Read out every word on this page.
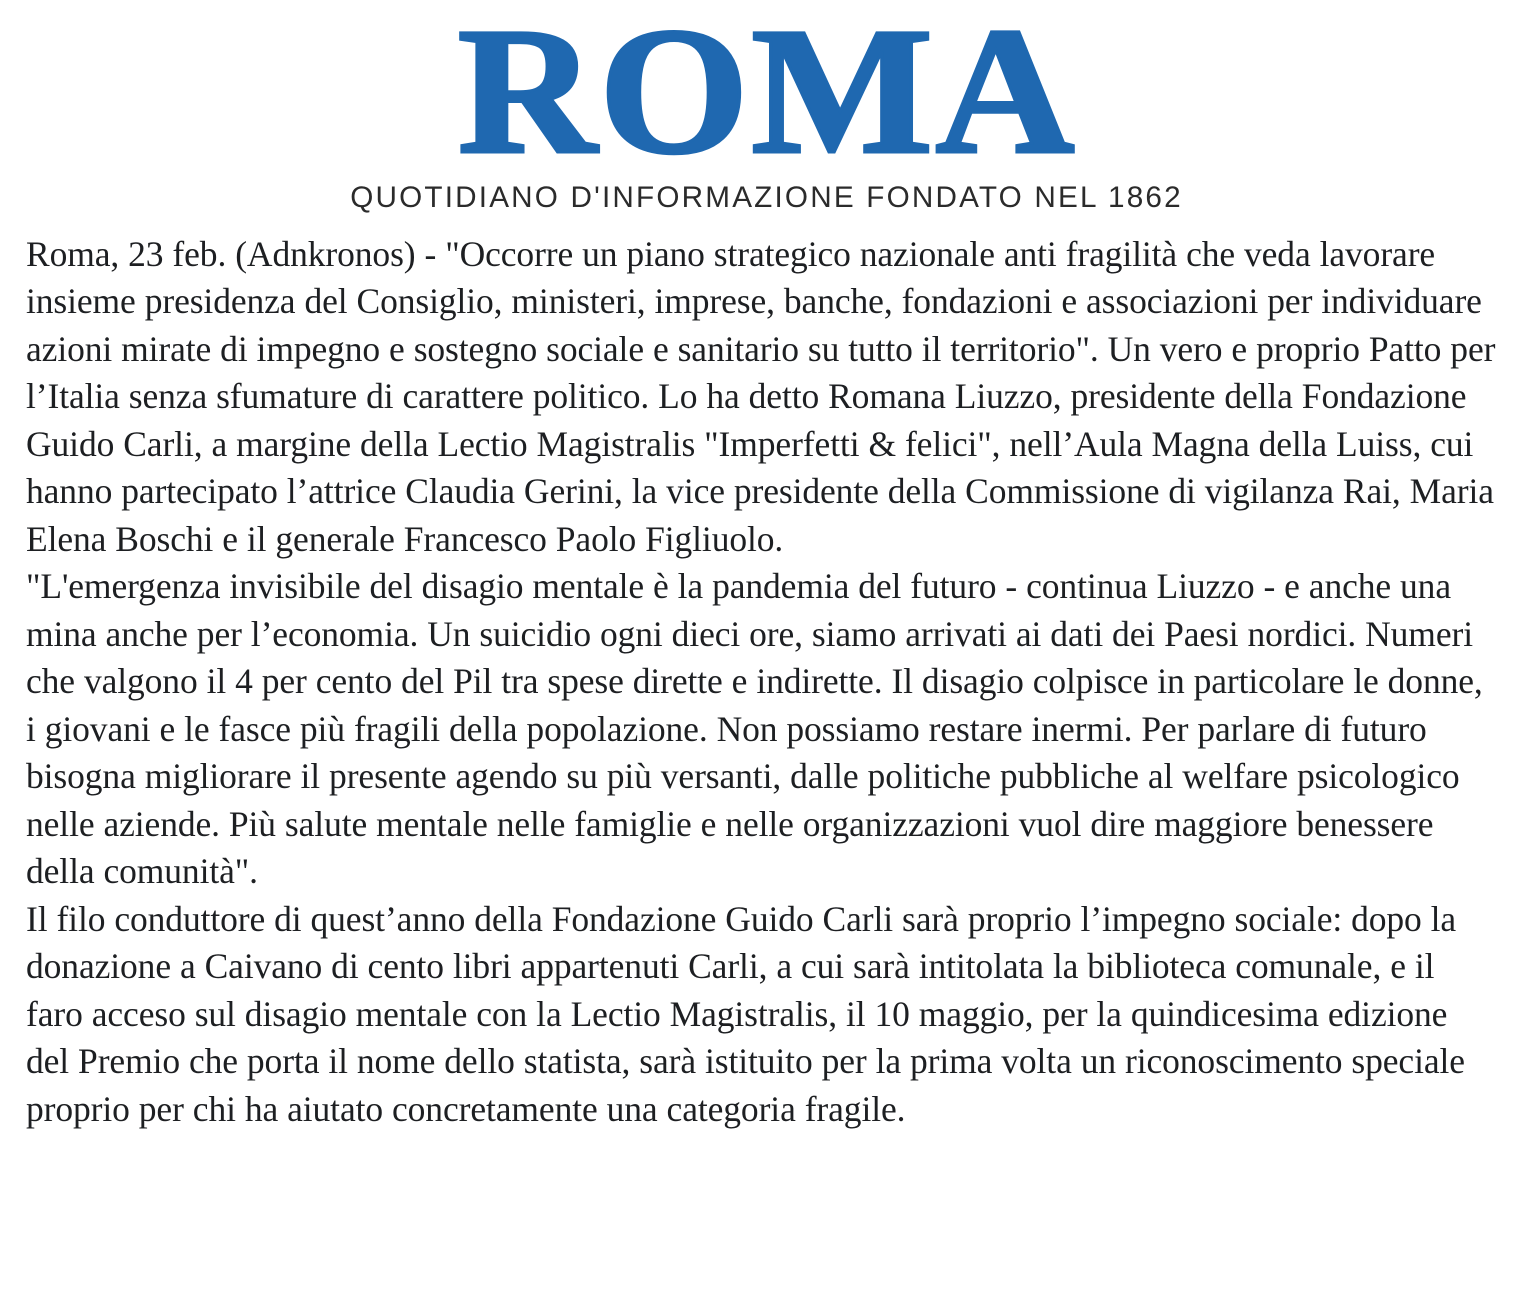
ROMA
QUOTIDIANO D'INFORMAZIONE FONDATO NEL 1862

Roma, 23 feb. (Adnkronos) - "Occorre un piano strategico nazionale anti fragilità che veda lavorare insieme presidenza del Consiglio, ministeri, imprese, banche, fondazioni e associazioni per individuare azioni mirate di impegno e sostegno sociale e sanitario su tutto il territorio". Un vero e proprio Patto per l’Italia senza sfumature di carattere politico. Lo ha detto Romana Liuzzo, presidente della Fondazione Guido Carli, a margine della Lectio Magistralis "Imperfetti & felici", nell’Aula Magna della Luiss, cui hanno partecipato l’attrice Claudia Gerini, la vice presidente della Commissione di vigilanza Rai, Maria Elena Boschi e il generale Francesco Paolo Figliuolo.

"L'emergenza invisibile del disagio mentale è la pandemia del futuro - continua Liuzzo - e anche una mina anche per l’economia. Un suicidio ogni dieci ore, siamo arrivati ai dati dei Paesi nordici. Numeri che valgono il 4 per cento del Pil tra spese dirette e indirette. Il disagio colpisce in particolare le donne, i giovani e le fasce più fragili della popolazione. Non possiamo restare inermi. Per parlare di futuro bisogna migliorare il presente agendo su più versanti, dalle politiche pubbliche al welfare psicologico nelle aziende. Più salute mentale nelle famiglie e nelle organizzazioni vuol dire maggiore benessere della comunità".

Il filo conduttore di quest’anno della Fondazione Guido Carli sarà proprio l’impegno sociale: dopo la donazione a Caivano di cento libri appartenuti Carli, a cui sarà intitolata la biblioteca comunale, e il faro acceso sul disagio mentale con la Lectio Magistralis, il 10 maggio, per la quindicesima edizione del Premio che porta il nome dello statista, sarà istituito per la prima volta un riconoscimento speciale proprio per chi ha aiutato concretamente una categoria fragile.
